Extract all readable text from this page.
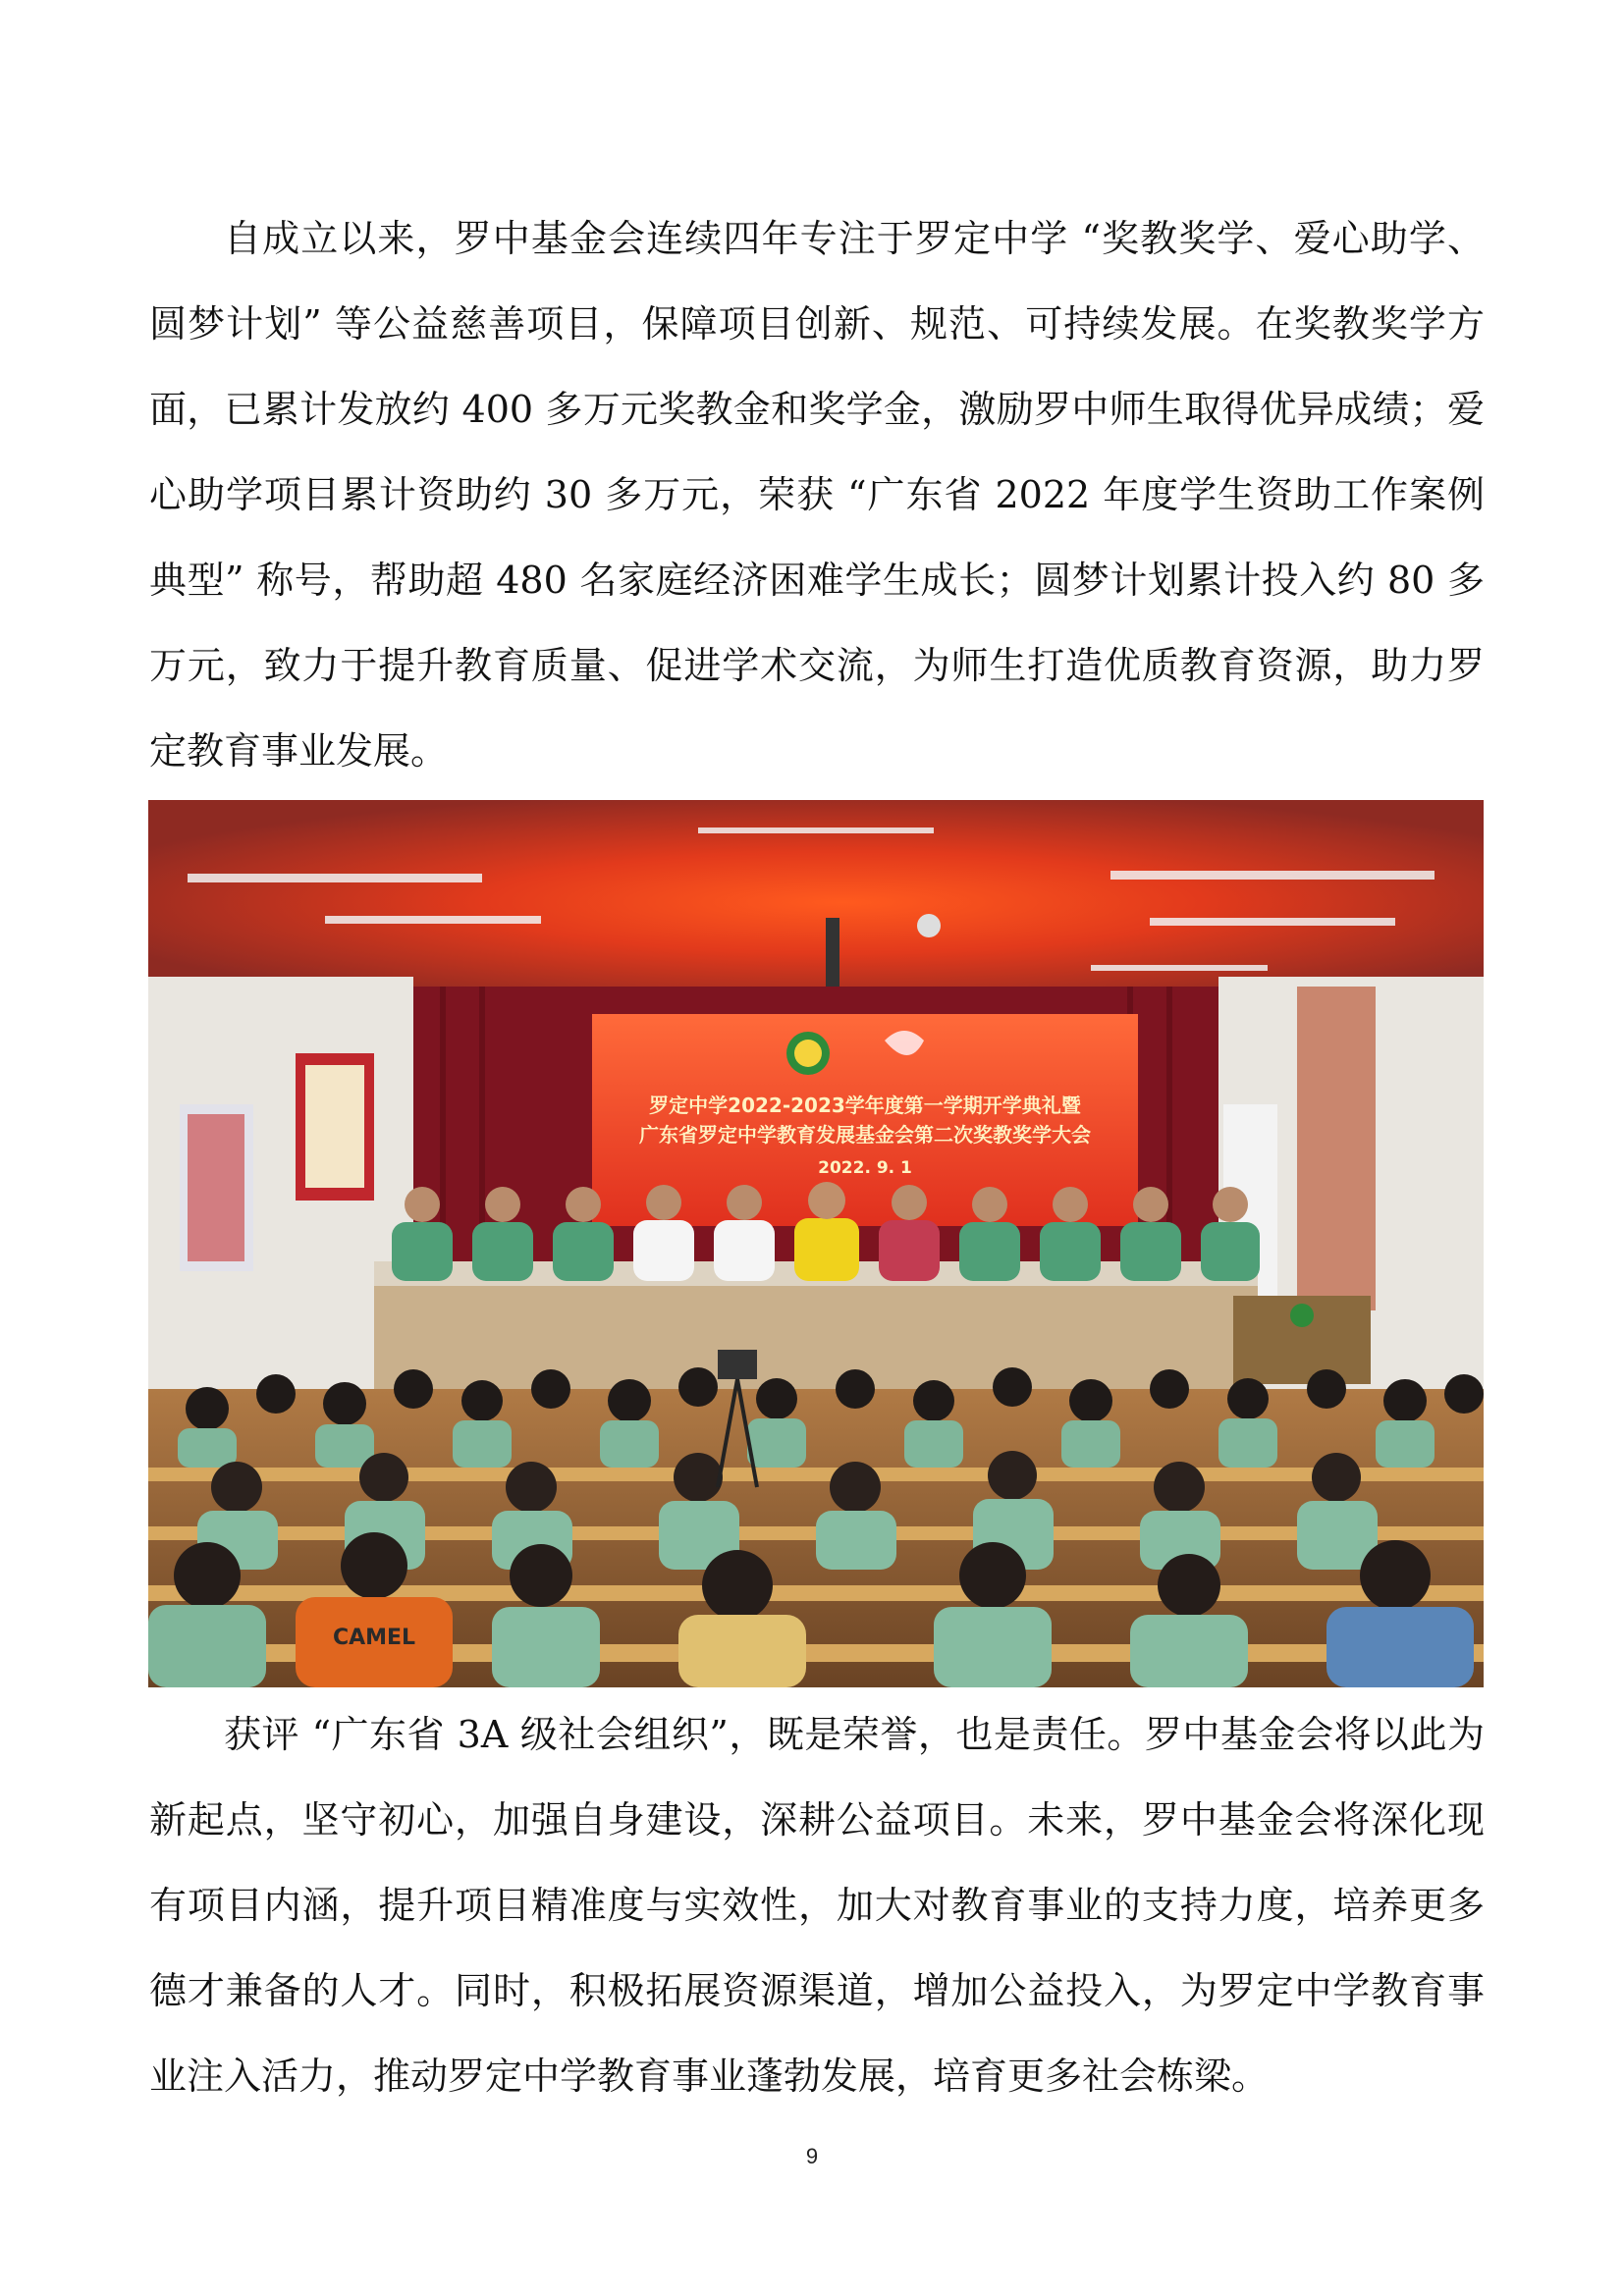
自成立以来，罗中基金会连续四年专注于罗定中学 “奖教奖学、爱心助学、圆梦计划” 等公益慈善项目，保障项目创新、规范、可持续发展。在奖教奖学方面，已累计发放约 400 多万元奖教金和奖学金，激励罗中师生取得优异成绩；爱心助学项目累计资助约 30 多万元，荣获 “广东省 2022 年度学生资助工作案例典型” 称号，帮助超 480 名家庭经济困难学生成长；圆梦计划累计投入约 80 多万元，致力于提升教育质量、促进学术交流，为师生打造优质教育资源，助力罗定教育事业发展。

罗定中学2022-2023学年度第一学期开学典礼暨
广东省罗定中学教育发展基金会第二次奖教奖学大会
2022. 9. 1
CAMEL

获评 “广东省 3A 级社会组织”，既是荣誉，也是责任。罗中基金会将以此为新起点，坚守初心，加强自身建设，深耕公益项目。未来，罗中基金会将深化现有项目内涵，提升项目精准度与实效性，加大对教育事业的支持力度，培养更多德才兼备的人才。同时，积极拓展资源渠道，增加公益投入，为罗定中学教育事业注入活力，推动罗定中学教育事业蓬勃发展，培育更多社会栋梁。

9
